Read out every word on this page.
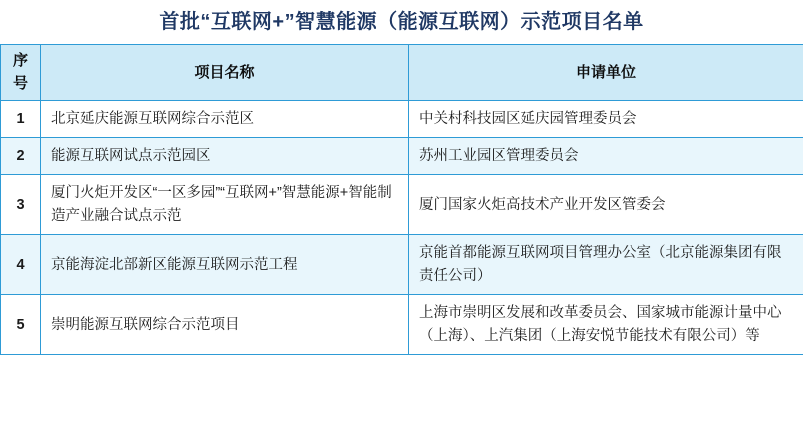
首批“互联网+”智慧能源（能源互联网）示范项目名单
序号	项目名称	申请单位
1	北京延庆能源互联网综合示范区	中关村科技园区延庆园管理委员会
2	能源互联网试点示范园区	苏州工业园区管理委员会
3	厦门火炬开发区“一区多园”“互联网+”智慧能源+智能制造产业融合试点示范	厦门国家火炬高技术产业开发区管委会
4	京能海淀北部新区能源互联网示范工程	京能首都能源互联网项目管理办公室（北京能源集团有限责任公司）
5	崇明能源互联网综合示范项目	上海市崇明区发展和改革委员会、国家城市能源计量中心（上海）、上汽集团（上海安悦节能技术有限公司）等
